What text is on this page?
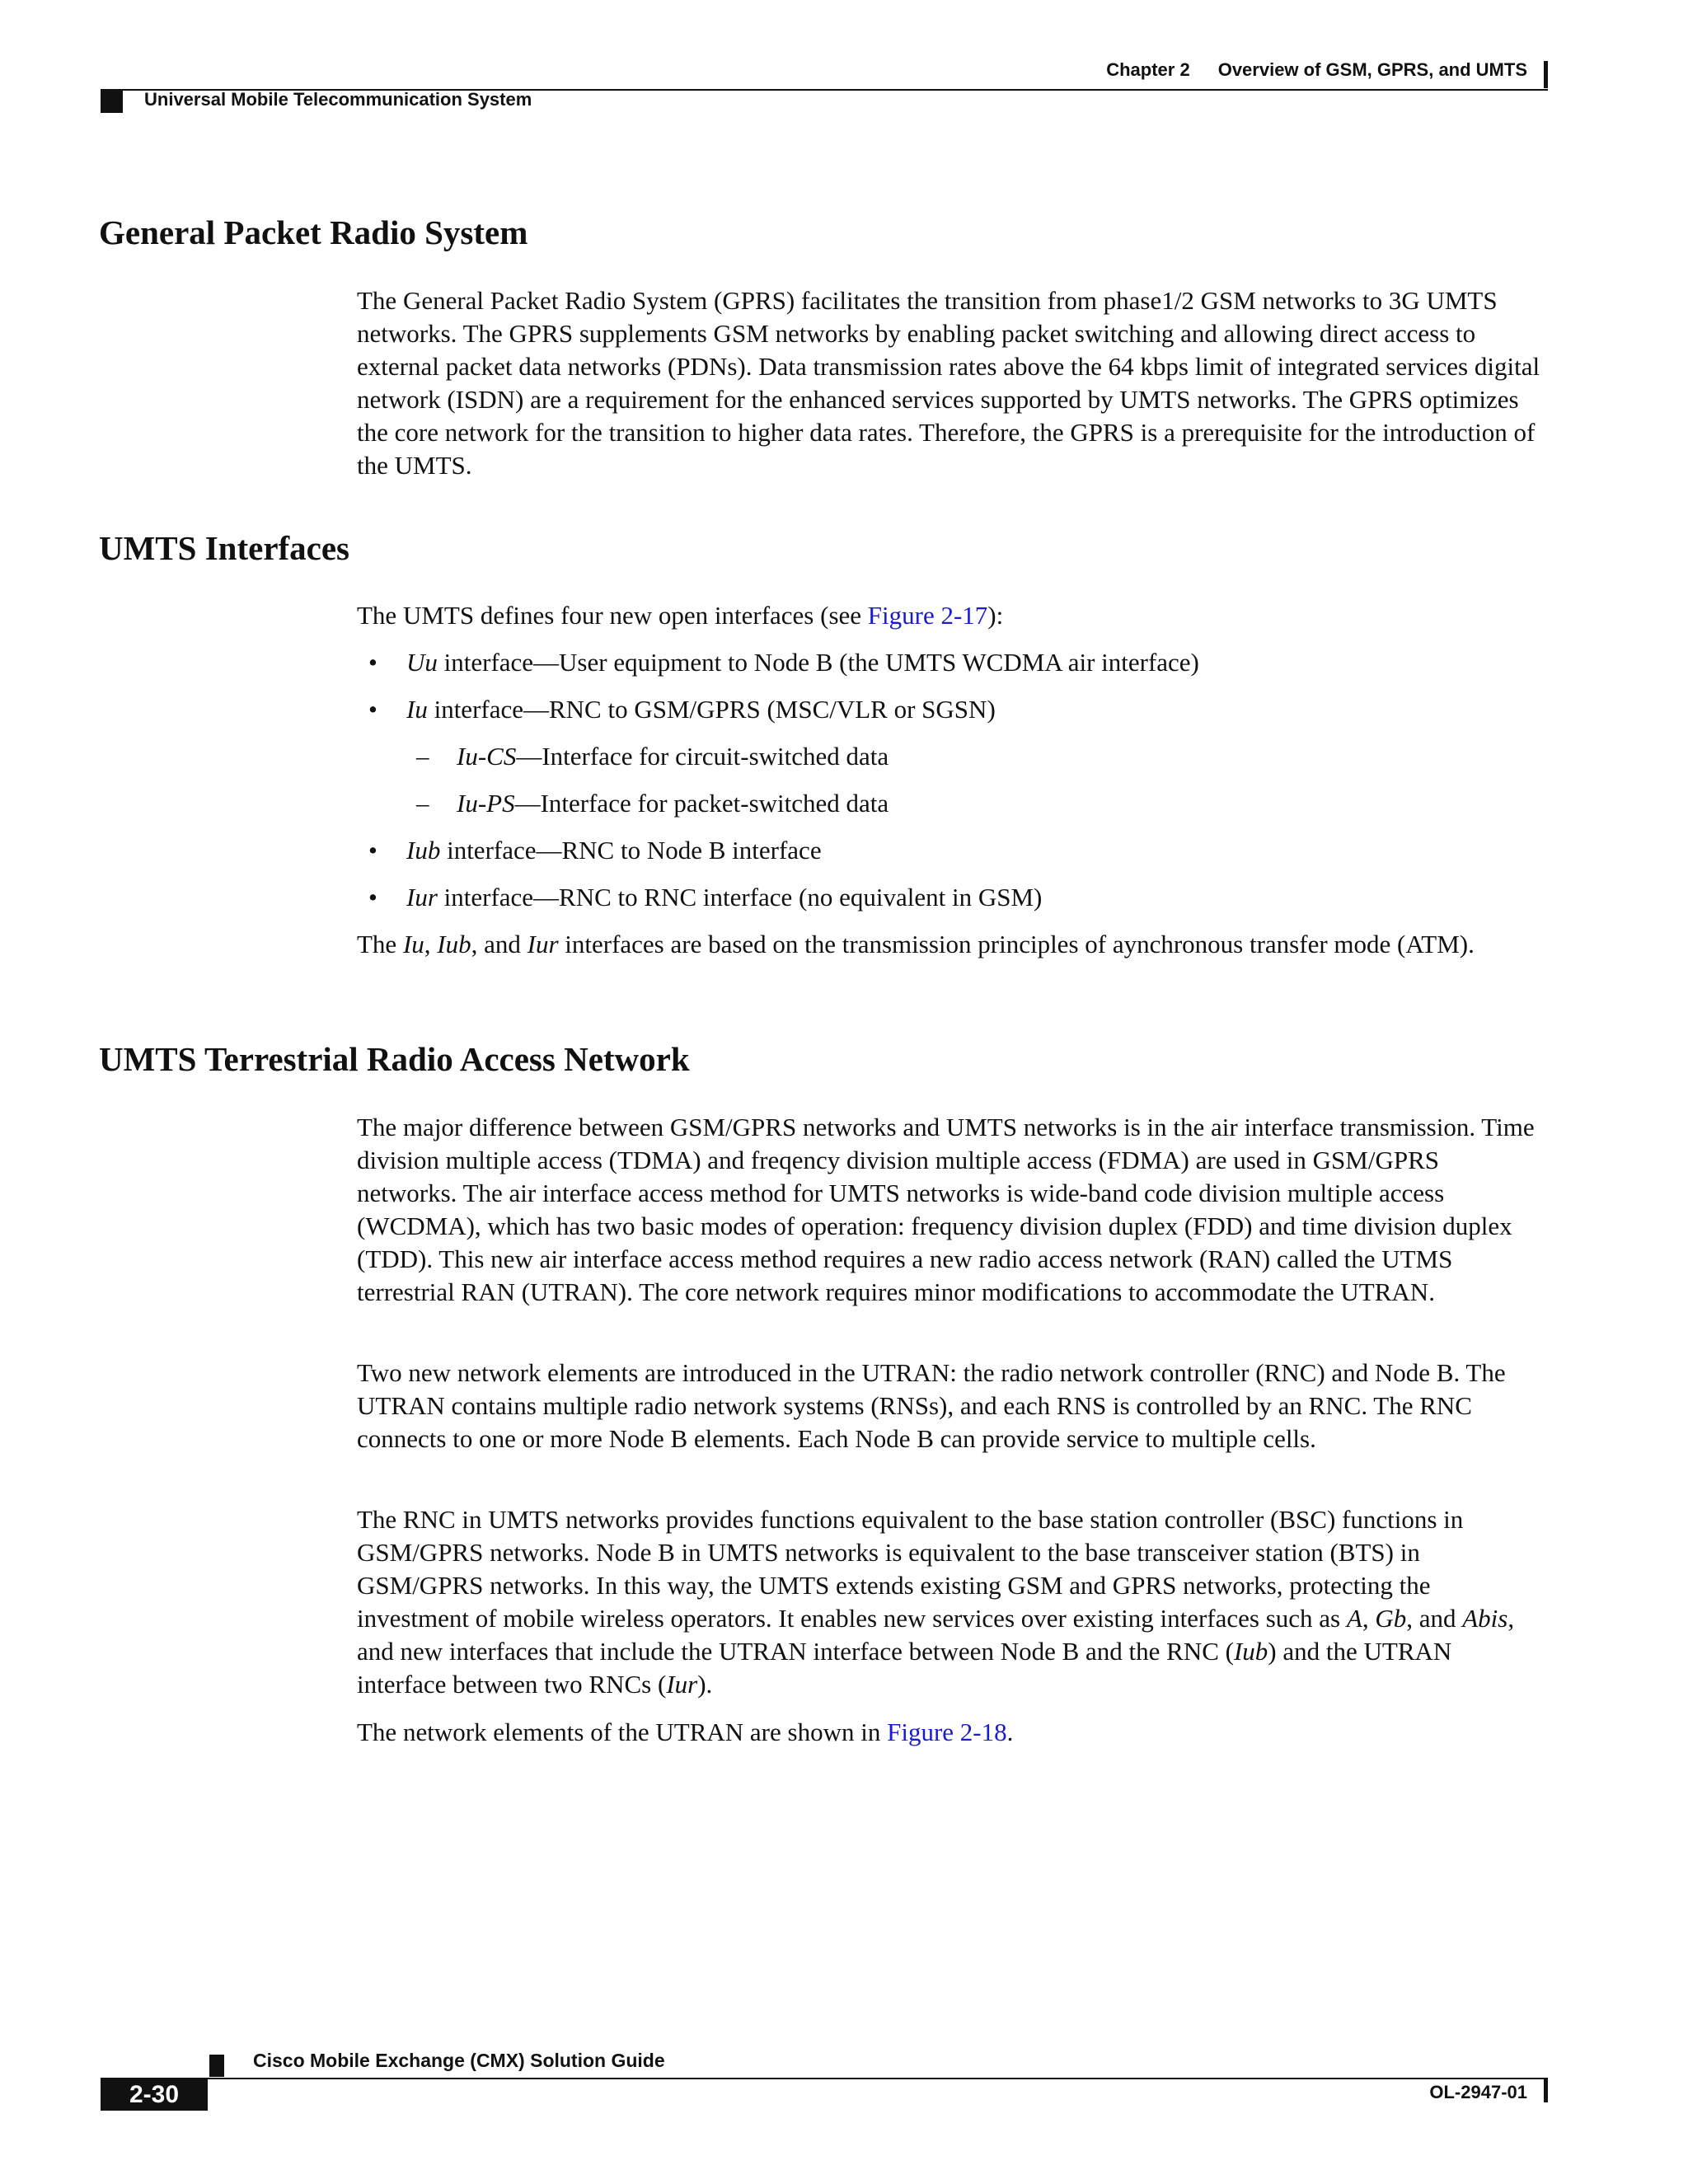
Chapter 2 Overview of GSM, GPRS, and UMTS
Universal Mobile Telecommunication System
General Packet Radio System

The General Packet Radio System (GPRS) facilitates the transition from phase1/2 GSM networks to 3G UMTS networks. The GPRS supplements GSM networks by enabling packet switching and allowing direct access to external packet data networks (PDNs). Data transmission rates above the 64 kbps limit of integrated services digital network (ISDN) are a requirement for the enhanced services supported by UMTS networks. The GPRS optimizes the core network for the transition to higher data rates. Therefore, the GPRS is a prerequisite for the introduction of the UMTS.

UMTS Interfaces

The UMTS defines four new open interfaces (see Figure 2-17):

• Uu interface—User equipment to Node B (the UMTS WCDMA air interface)
• Iu interface—RNC to GSM/GPRS (MSC/VLR or SGSN)
– Iu-CS—Interface for circuit-switched data
– Iu-PS—Interface for packet-switched data
• Iub interface—RNC to Node B interface
• Iur interface—RNC to RNC interface (no equivalent in GSM)

The Iu, Iub, and Iur interfaces are based on the transmission principles of aynchronous transfer mode (ATM).

UMTS Terrestrial Radio Access Network

The major difference between GSM/GPRS networks and UMTS networks is in the air interface transmission. Time division multiple access (TDMA) and freqency division multiple access (FDMA) are used in GSM/GPRS networks. The air interface access method for UMTS networks is wide-band code division multiple access (WCDMA), which has two basic modes of operation: frequency division duplex (FDD) and time division duplex (TDD). This new air interface access method requires a new radio access network (RAN) called the UTMS terrestrial RAN (UTRAN). The core network requires minor modifications to accommodate the UTRAN.

Two new network elements are introduced in the UTRAN: the radio network controller (RNC) and Node B. The UTRAN contains multiple radio network systems (RNSs), and each RNS is controlled by an RNC. The RNC connects to one or more Node B elements. Each Node B can provide service to multiple cells.

The RNC in UMTS networks provides functions equivalent to the base station controller (BSC) functions in GSM/GPRS networks. Node B in UMTS networks is equivalent to the base transceiver station (BTS) in GSM/GPRS networks. In this way, the UMTS extends existing GSM and GPRS networks, protecting the investment of mobile wireless operators. It enables new services over existing interfaces such as A, Gb, and Abis, and new interfaces that include the UTRAN interface between Node B and the RNC (Iub) and the UTRAN interface between two RNCs (Iur).

The network elements of the UTRAN are shown in Figure 2-18.

Cisco Mobile Exchange (CMX) Solution Guide
2-30	OL-2947-01
